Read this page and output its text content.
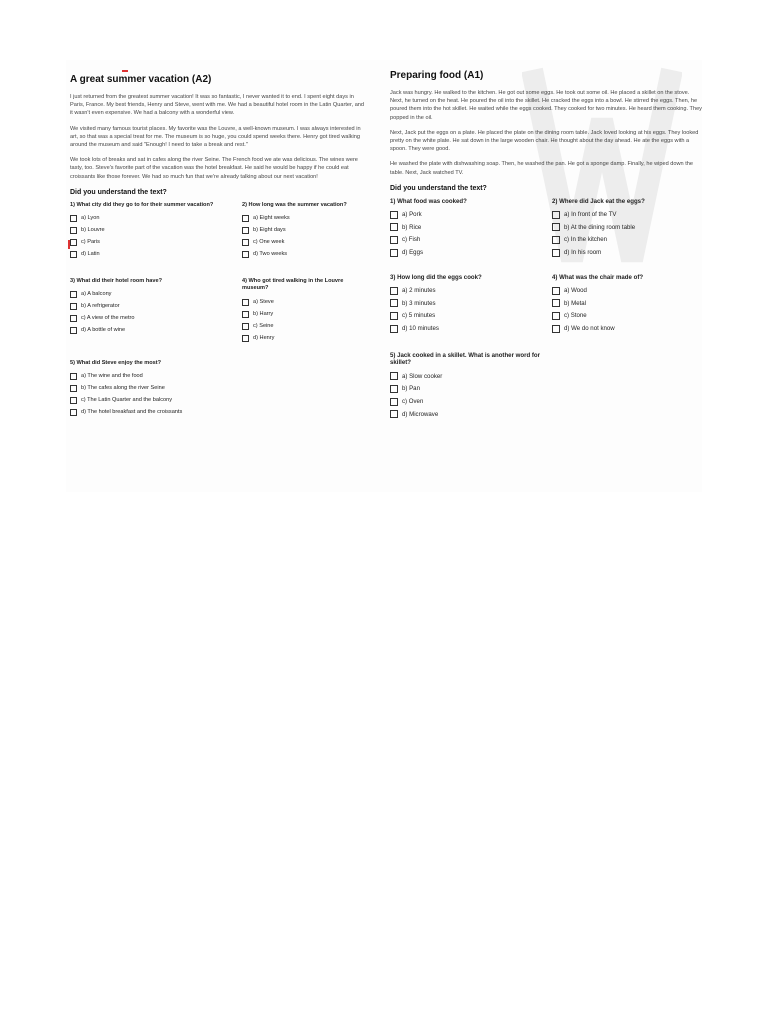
A great summer vacation (A2)

I just returned from the greatest summer vacation! It was so fantastic, I never wanted it to end. I spent eight days in Paris, France. My best friends, Henry and Steve, went with me. We had a beautiful hotel room in the Latin Quarter, and it wasn't even expensive. We had a balcony with a wonderful view.

We visited many famous tourist places. My favorite was the Louvre, a well-known museum. I was always interested in art, so that was a special treat for me. The museum is so huge, you could spend weeks there. Henry got tired walking around the museum and said "Enough! I need to take a break and rest."

We took lots of breaks and sat in cafes along the river Seine. The French food we ate was delicious. The wines were tasty, too. Steve's favorite part of the vacation was the hotel breakfast. He said he would be happy if he could eat croissants like those forever. We had so much fun that we're already talking about our next vacation!

Did you understand the text?
1) What city did they go to for their summer vacation?
a) Lyon
b) Louvre
c) Paris
d) Latin
2) How long was the summer vacation?
a) Eight weeks
b) Eight days
c) One week
d) Two weeks
3) What did their hotel room have?
a) A balcony
b) A refrigerator
c) A view of the metro
d) A bottle of wine
4) Who got tired walking in the Louvre museum?
a) Steve
b) Harry
c) Seine
d) Henry
5) What did Steve enjoy the most?
a) The wine and the food
b) The cafes along the river Seine
c) The Latin Quarter and the balcony
d) The hotel breakfast and the croissants
Preparing food (A1)

Jack was hungry. He walked to the kitchen. He got out some eggs. He took out some oil. He placed a skillet on the stove. Next, he turned on the heat. He poured the oil into the skillet. He cracked the eggs into a bowl. He stirred the eggs. Then, he poured them into the hot skillet. He waited while the eggs cooked. They cooked for two minutes. He heard them cooking. They popped in the oil.

Next, Jack put the eggs on a plate. He placed the plate on the dining room table. Jack loved looking at his eggs. They looked pretty on the white plate. He sat down in the large wooden chair. He thought about the day ahead. He ate the eggs with a spoon. They were good.

He washed the plate with dishwashing soap. Then, he washed the pan. He got a sponge damp. Finally, he wiped down the table. Next, Jack watched TV.

Did you understand the text?
1) What food was cooked?
a) Pork
b) Rice
c) Fish
d) Eggs
2) Where did Jack eat the eggs?
a) In front of the TV
b) At the dining room table
c) In the kitchen
d) In his room
3) How long did the eggs cook?
a) 2 minutes
b) 3 minutes
c) 5 minutes
d) 10 minutes
4) What was the chair made of?
a) Wood
b) Metal
c) Stone
d) We do not know
5) Jack cooked in a skillet. What is another word for skillet?
a) Slow cooker
b) Pan
c) Oven
d) Microwave
